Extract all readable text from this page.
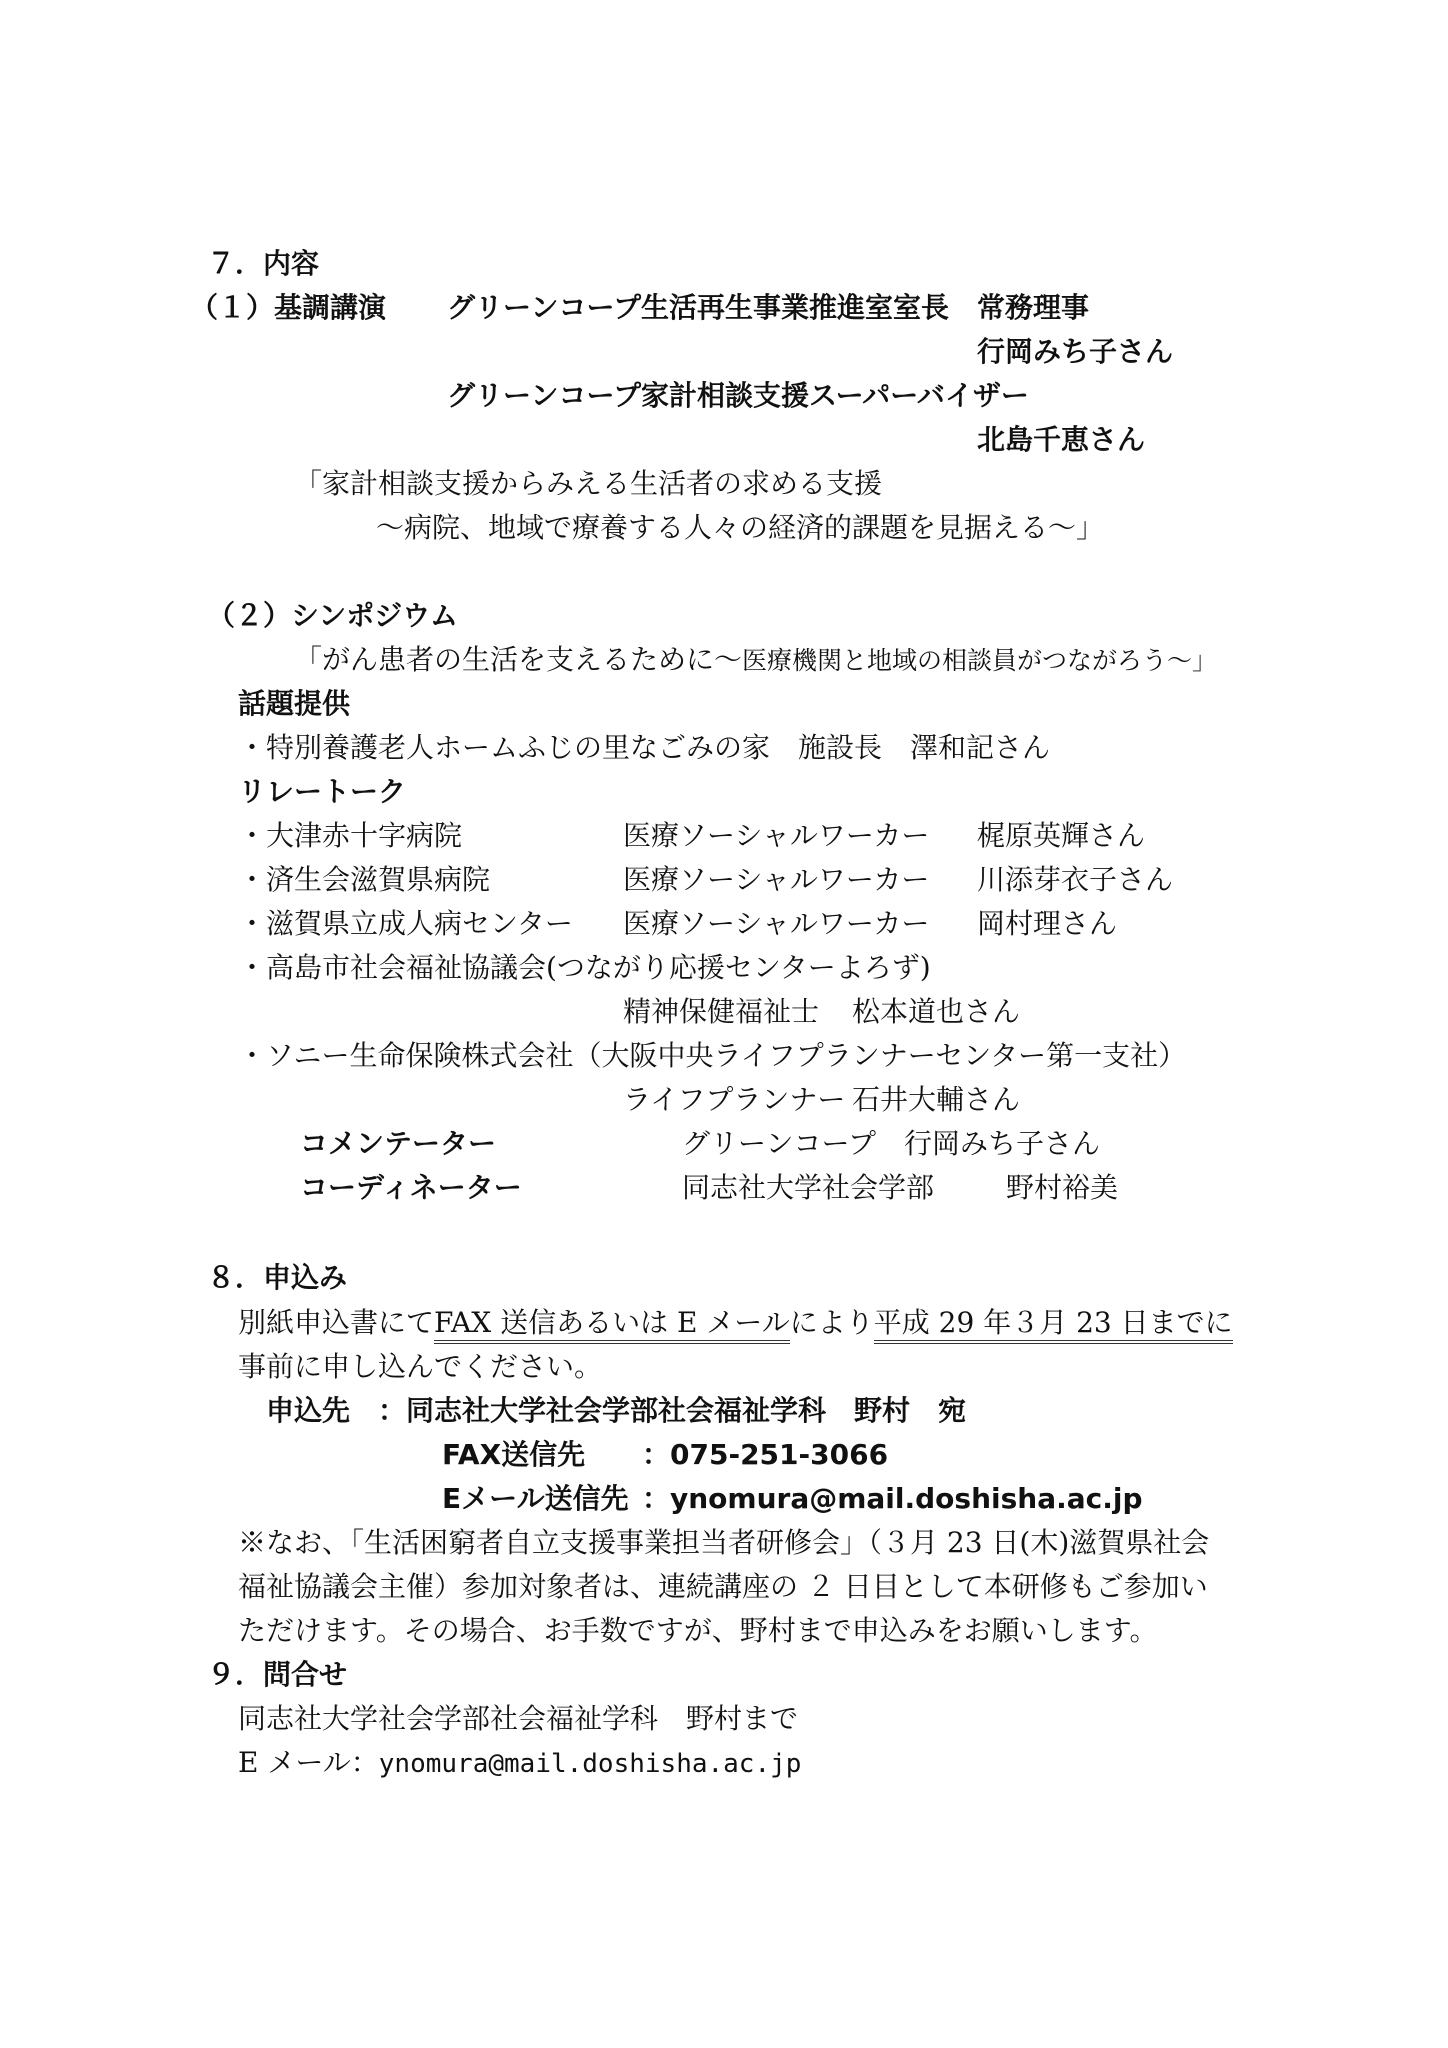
７．内容
（１）基調講演 グリーンコープ生活再生事業推進室室長　常務理事
行岡みち子さん
グリーンコープ家計相談支援スーパーバイザー
北島千恵さん
「家計相談支援からみえる生活者の求める支援
～病院、地域で療養する人々の経済的課題を見据える～」
（２）シンポジウム
「がん患者の生活を支えるために～医療機関と地域の相談員がつながろう～」
話題提供
・特別養護老人ホームふじの里なごみの家　施設長　澤和記さん
リレートーク
・大津赤十字病院	医療ソーシャルワーカー 梶原英輝さん
・済生会滋賀県病院	医療ソーシャルワーカー 川添芽衣子さん
・滋賀県立成人病センター 医療ソーシャルワーカー 岡村理さん
・高島市社会福祉協議会(つながり応援センターよろず)
精神保健福祉士 松本道也さん
・ソニー生命保険株式会社（大阪中央ライフプランナーセンター第一支社）
ライフプランナー 石井大輔さん
コメンテーター	グリーンコープ　行岡みち子さん
コーディネーター	同志社大学社会学部	野村裕美
８．申込み
別紙申込書にてFAX 送信あるいは E メールにより平成 29 年３月 23 日までに
事前に申し込んでください。
申込先 ：同志社大学社会学部社会福祉学科　野村　宛
FAX送信先 ：075-251-3066
Eメール送信先 ：ynomura@mail.doshisha.ac.jp
※なお、「生活困窮者自立支援事業担当者研修会」（３月 23 日(木)滋賀県社会
福祉協議会主催）参加対象者は、連続講座の ２ 日目として本研修もご参加い
ただけます。その場合、お手数ですが、野村まで申込みをお願いします。
９．問合せ
同志社大学社会学部社会福祉学科　野村まで
E メール：ynomura@mail.doshisha.ac.jp
